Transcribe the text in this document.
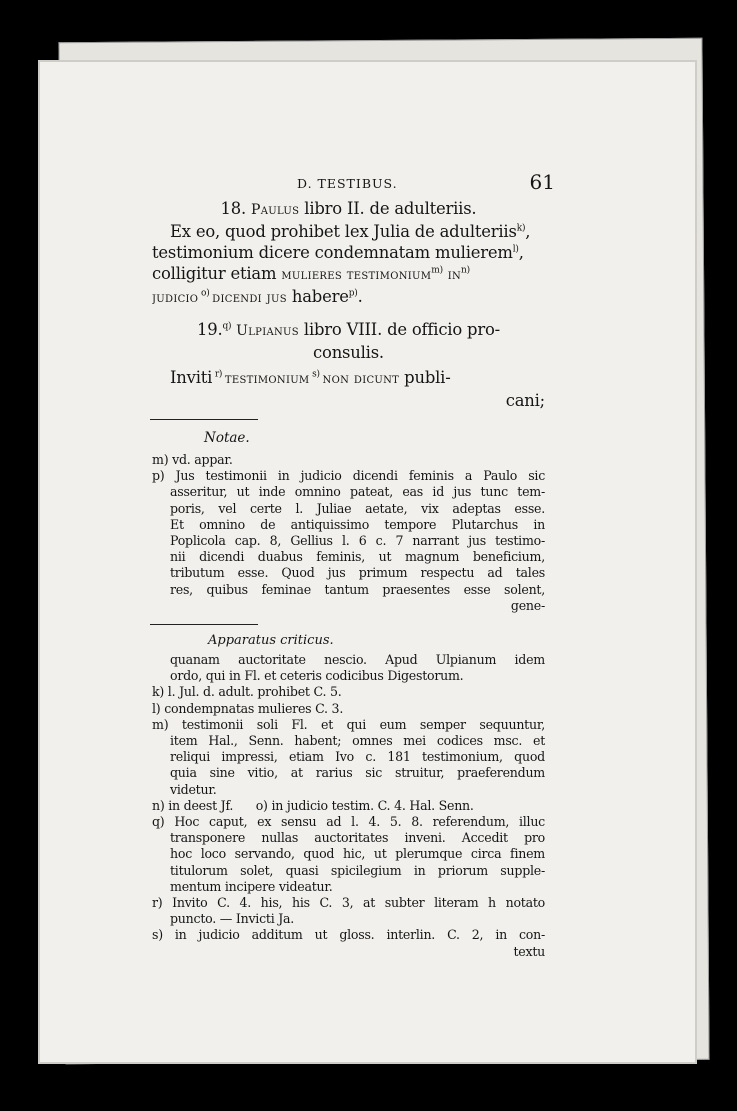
D. TESTIBUS.	61
18. Paulus libro II. de adulteriis.
Ex eo, quod prohibet lex Julia de adulteriis$^{k)}$,
testimonium dicere condemnatam mulierem$^{l)}$,
colligitur etiam mulieres testimonium$^{m)}$ $in^{n)}$
judicio $^{o)}$ dicendi jus habere$^{p)}$.
19.$^{q)}$ Ulpianus libro VIII. de officio pro-
consulis.
Inviti $^{r)}$ testimonium $^{s)}$ non dicunt publi-
cani;
Notae.
m) vd. appar.
p) Jus testimonii in judicio dicendi feminis a Paulo sic
asseritur, ut inde omnino pateat, eas id jus tunc tem-
poris, vel certe l. Juliae aetate, vix adeptas esse.
Et omnino de antiquissimo tempore Plutarchus in
Poplicola cap. 8, Gellius l. 6 c. 7 narrant jus testimo-
nii dicendi duabus feminis, ut magnum beneficium,
tributum esse. Quod jus primum respectu ad tales
res, quibus feminae tantum praesentes esse solent,
gene-
Apparatus criticus.
quanam auctoritate nescio. Apud Ulpianum idem
ordo, qui in Fl. et ceteris codicibus Digestorum.
k) l. Jul. d. adult. prohibet C. 5.
l) condempnatas mulieres C. 3.
m) testimonii soli Fl. et qui eum semper sequuntur,
item Hal., Senn. habent; omnes mei codices msc. et
reliqui impressi, etiam Ivo c. 181 testimonium, quod
quia sine vitio, at rarius sic struitur, praeferendum
videtur.
n) in deest Jf.      o) in judicio testim. C. 4. Hal. Senn.
q) Hoc caput, ex sensu ad l. 4. 5. 8. referendum, illuc
transponere nullas auctoritates inveni. Accedit pro
hoc loco servando, quod hic, ut plerumque circa finem
titulorum solet, quasi spicilegium in priorum supple-
mentum incipere videatur.
r) Invito C. 4. his, his C. 3, at subter literam h notato
puncto. — Invicti Ja.
s) in judicio additum ut gloss. interlin. C. 2, in con-
textu
